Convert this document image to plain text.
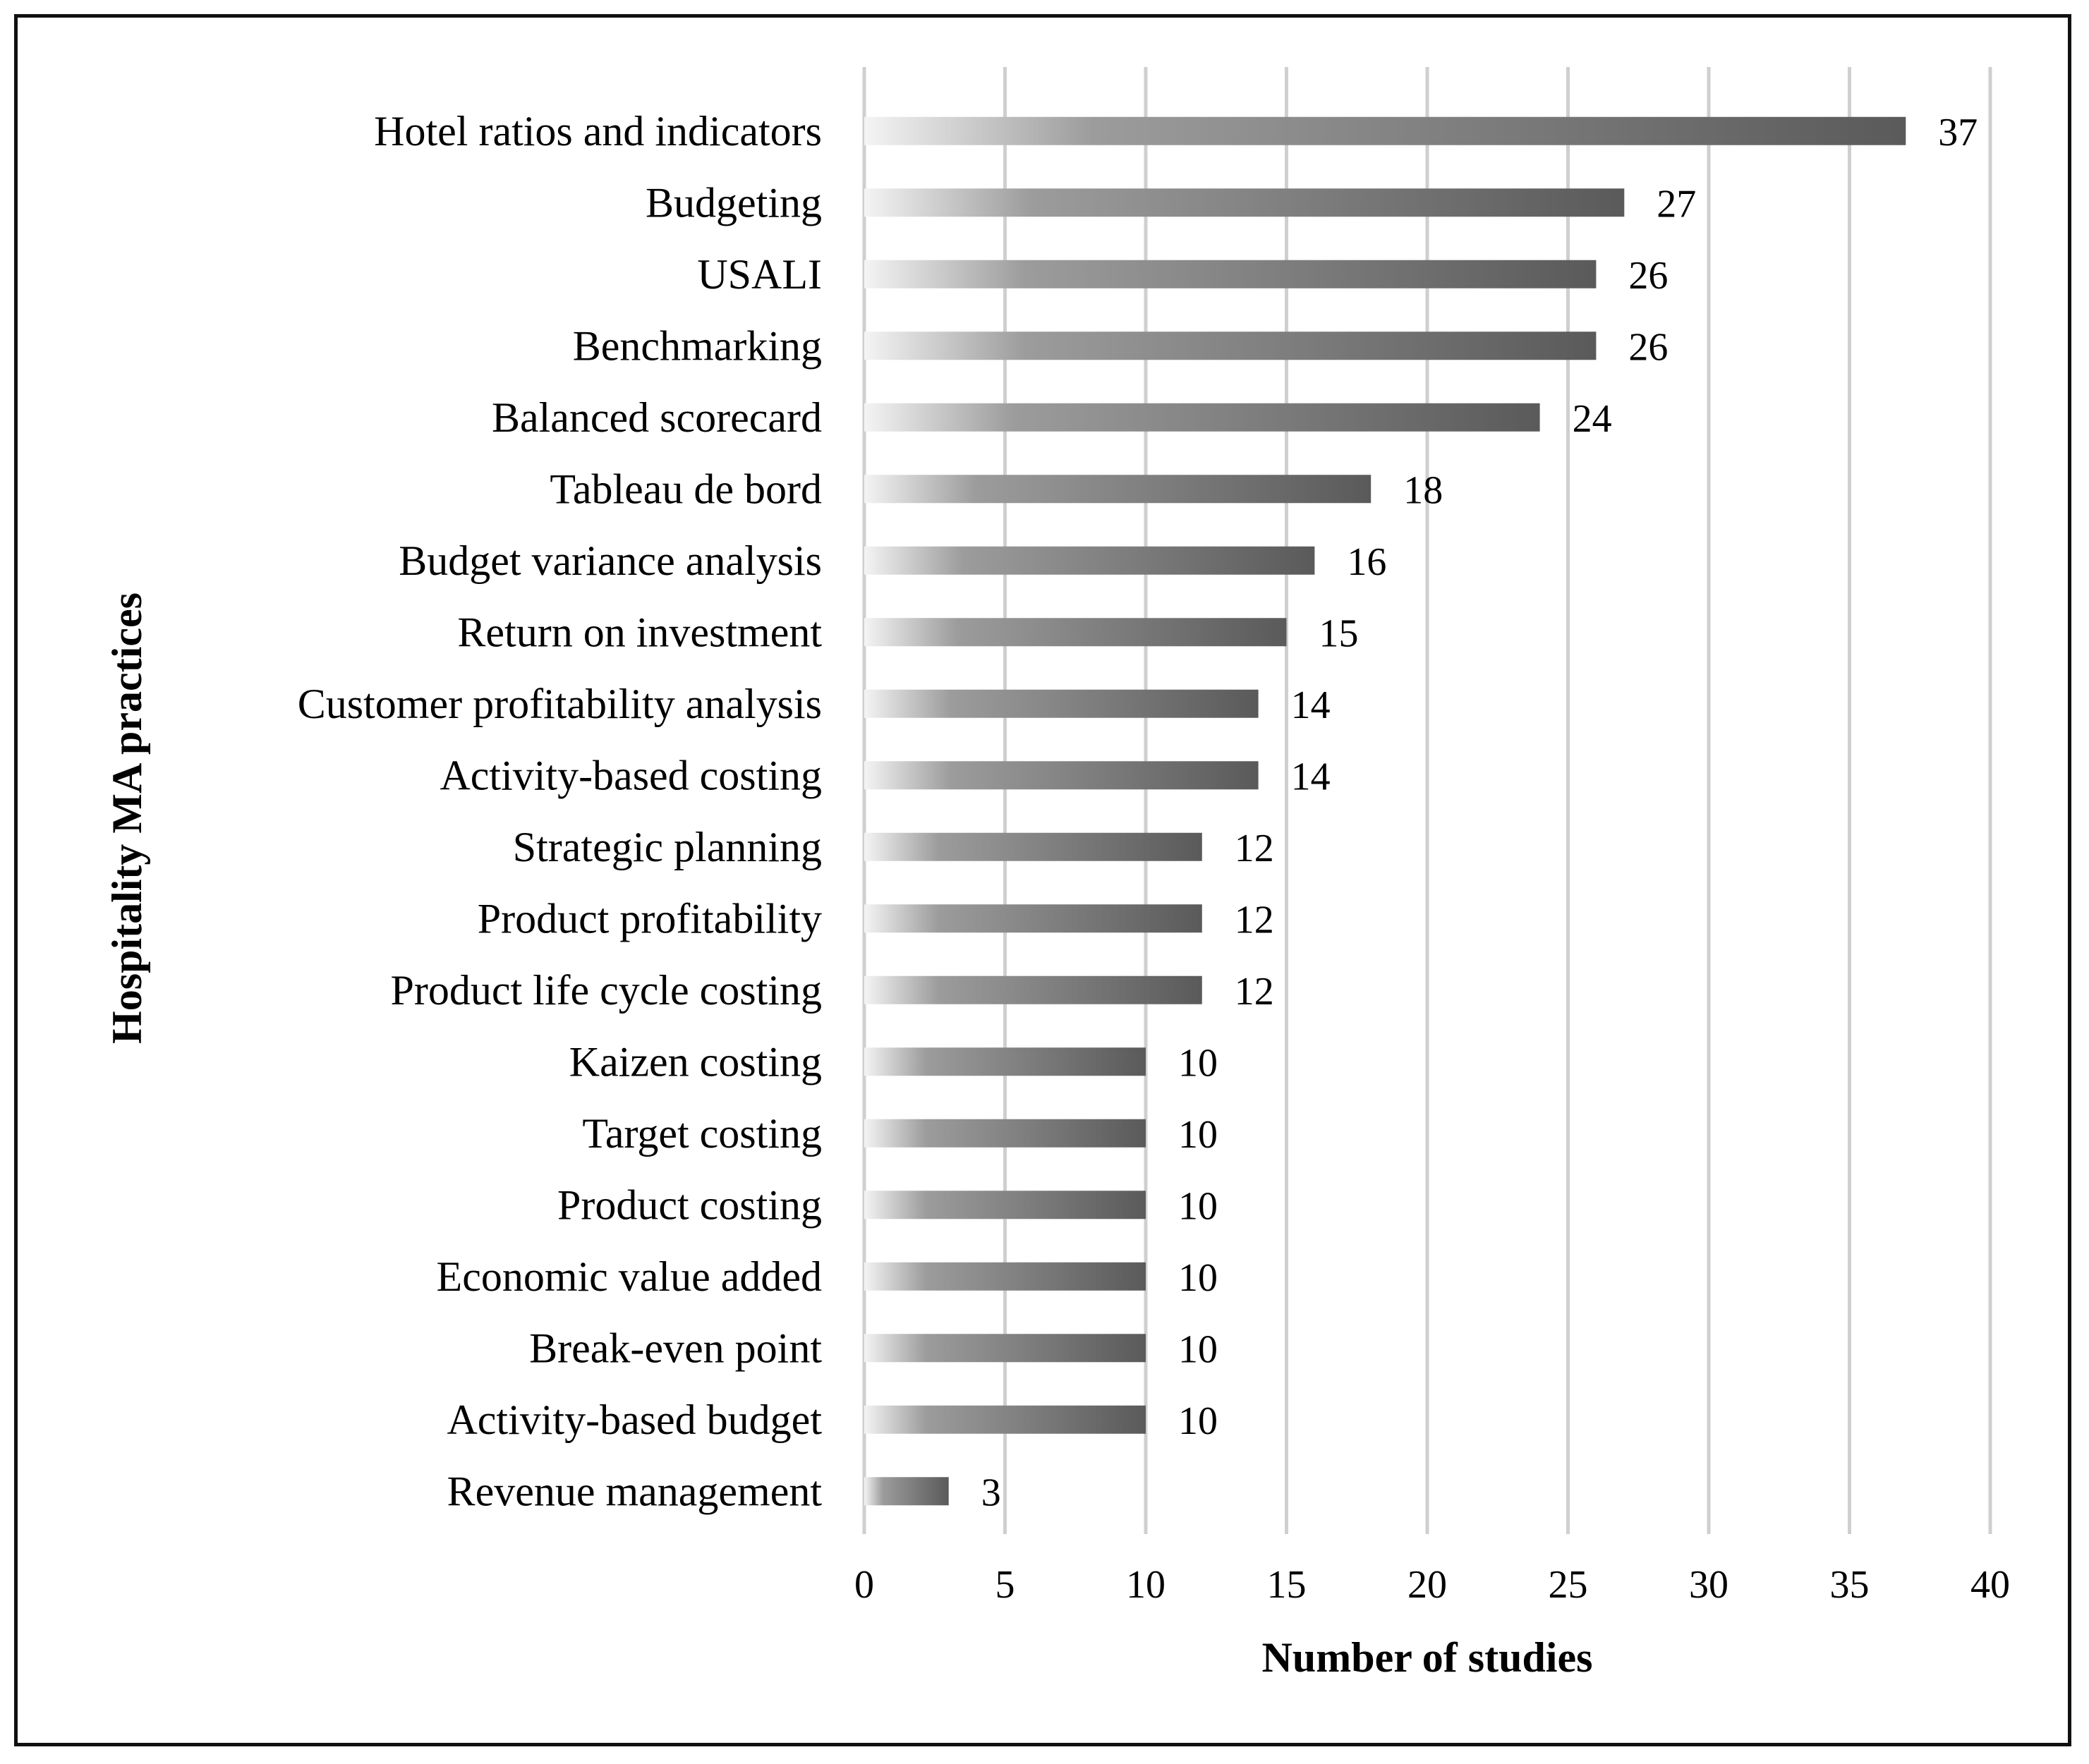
Hotel ratios and indicators
Budgeting
USALI
Benchmarking
Balanced scorecard
Tableau de bord
Budget variance analysis
Return on investment
Customer profitability analysis
Activity-based costing
Strategic planning
Product profitability
Product life cycle costing
Kaizen costing
Target costing
Product costing
Economic value added
Break-even point
Activity-based budget
Revenue management
37
27
26
26
24
18
16
15
14
14
12
12
12
10
10
10
10
10
10
3
0	5	10	15	20	25	30	35	40
Number of studies
Hospitality MA practices
